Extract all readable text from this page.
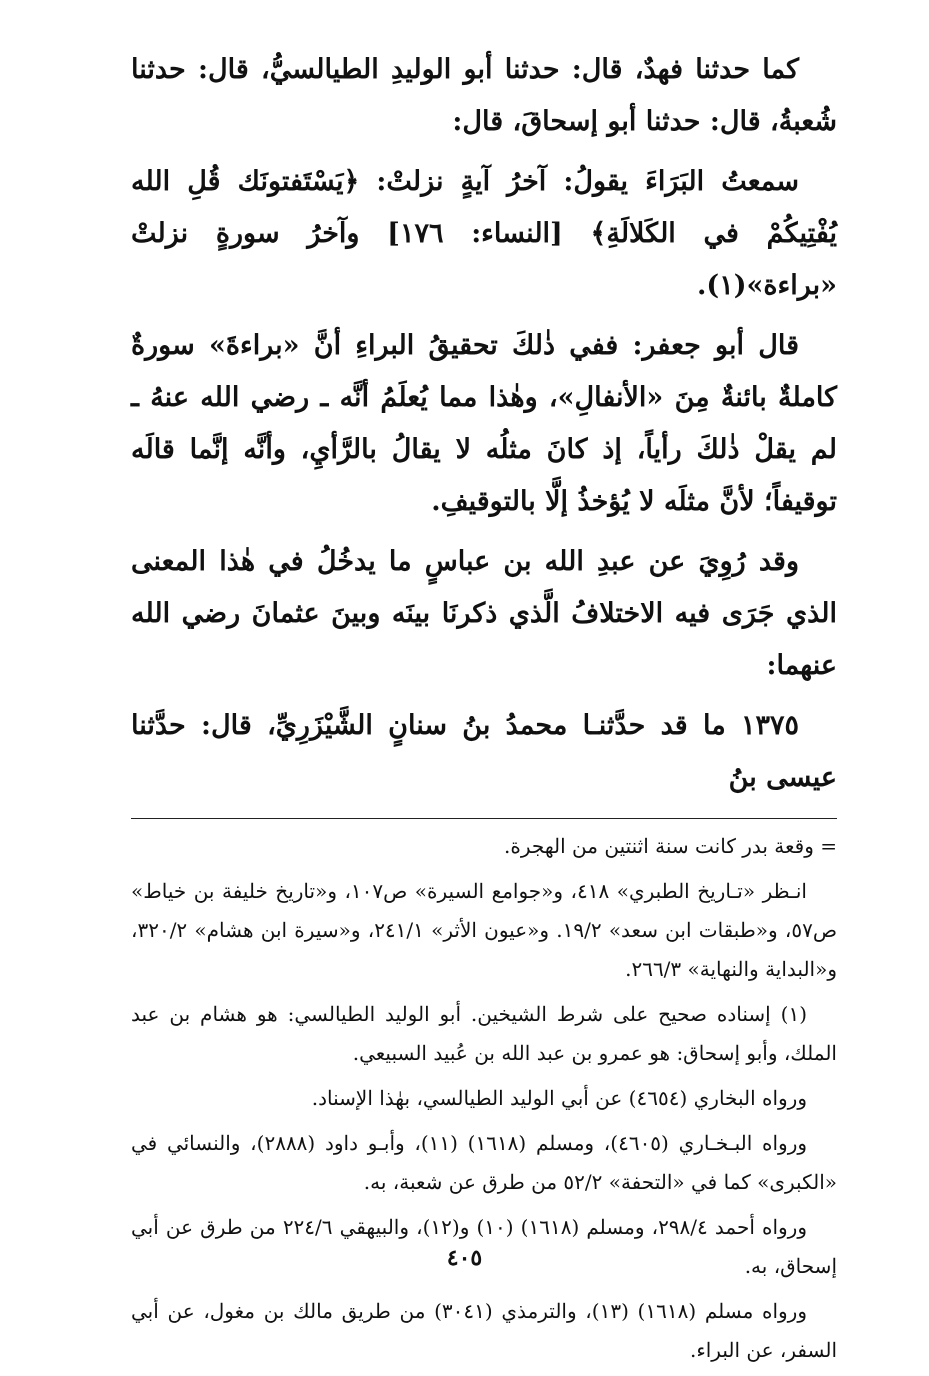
كما حدثنا فهدٌ، قال: حدثنا أبو الوليدِ الطيالسيُّ، قال: حدثنا شُعبةُ، قال: حدثنا أبو إسحاقَ، قال:

سمعتُ البَرَاءَ يقولُ: آخرُ آيةٍ نزلتْ: ﴿يَسْتَفتونَك قُلِ الله يُفْتِيكُمْ في الكَلالَةِ﴾ [النساء: ١٧٦] وآخرُ سورةٍ نزلتْ «براءة»(١).

قال أبو جعفر: ففي ذٰلكَ تحقيقُ البراءِ أنَّ «براءةَ» سورةٌ كاملةٌ بائنةٌ مِنَ «الأنفالِ»، وهٰذا مما يُعلَمُ أنَّه ـ رضي الله عنهُ ـ لم يقلْ ذٰلكَ رأياً، إذ كانَ مثلُه لا يقالُ بالرَّأيِ، وأنَّه إنَّما قالَه توقيفاً؛ لأنَّ مثلَه لا يُؤخذُ إلَّا بالتوقيفِ.

وقد رُوِيَ عن عبدِ الله بن عباسٍ ما يدخُلُ في هٰذا المعنى الذي جَرَى فيه الاختلافُ الَّذي ذكرنَا بينَه وبينَ عثمانَ رضي الله عنهما:

١٣٧٥ ما قد حدَّثنـا محمدُ بنُ سنانٍ الشَّيْزَرِيِّ، قال: حدَّثنا عيسى بنُ

= وقعة بدر كانت سنة اثنتين من الهجرة.

انـظر «تـاريخ الطبري» ٤١٨، و«جوامع السيرة» ص١٠٧، و«تاريخ خليفة بن خياط» ص٥٧، و«طبقات ابن سعد» ١٩/٢. و«عيون الأثر» ٢٤١/١، و«سيرة ابن هشام» ٣٢٠/٢، و«البداية والنهاية» ٢٦٦/٣.

(١) إسناده صحيح على شرط الشيخين. أبو الوليد الطيالسي: هو هشام بن عبد الملك، وأبو إسحاق: هو عمرو بن عبد الله بن عُبيد السبيعي.

ورواه البخاري (٤٦٥٤) عن أبي الوليد الطيالسي، بهٰذا الإسناد.

ورواه البـخـاري (٤٦٠٥)، ومسلم (١٦١٨) (١١)، وأبـو داود (٢٨٨٨)، والنسائي في «الكبرى» كما في «التحفة» ٥٢/٢ من طرق عن شعبة، به.

ورواه أحمد ٢٩٨/٤، ومسلم (١٦١٨) (١٠) و(١٢)، والبيهقي ٢٢٤/٦ من طرق عن أبي إسحاق، به.

ورواه مسلم (١٦١٨) (١٣)، والترمذي (٣٠٤١) من طريق مالك بن مغول، عن أبي السفر، عن البراء.

٤٠٥
